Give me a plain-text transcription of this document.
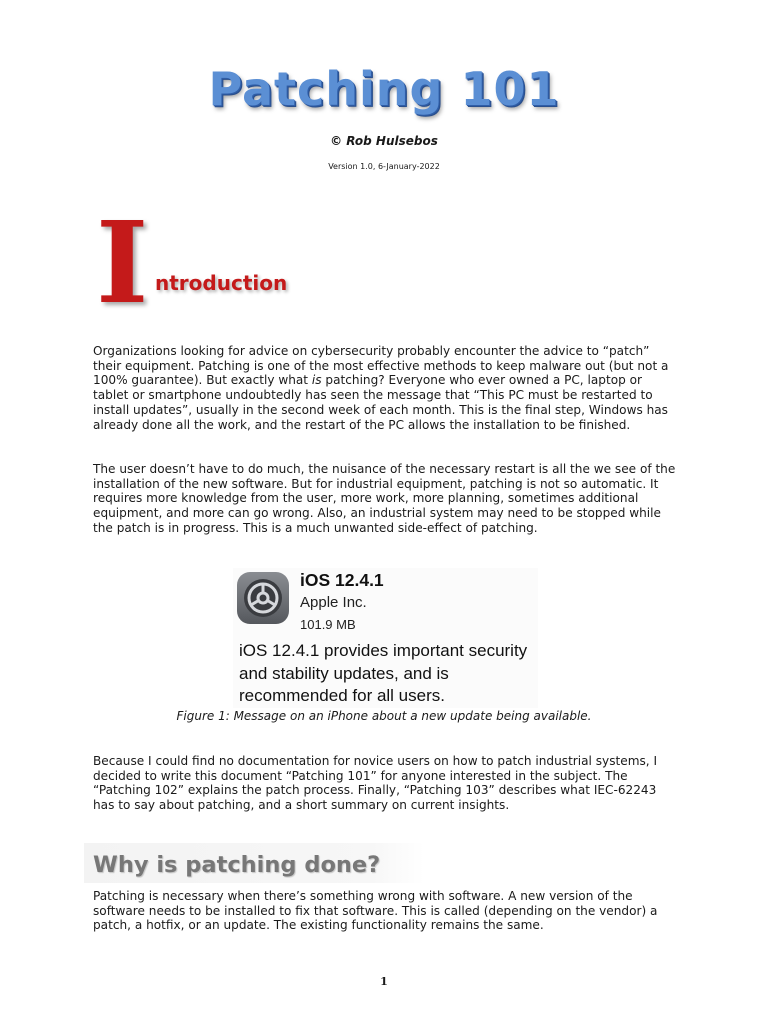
Patching 101
© Rob Hulsebos
Version 1.0, 6-January-2022
I ntroduction

Organizations looking for advice on cybersecurity probably encounter the advice to “patch” their equipment. Patching is one of the most effective methods to keep malware out (but not a 100% guarantee). But exactly what is patching? Everyone who ever owned a PC, laptop or tablet or smartphone undoubtedly has seen the message that “This PC must be restarted to install updates”, usually in the second week of each month. This is the final step, Windows has already done all the work, and the restart of the PC allows the installation to be finished.

The user doesn’t have to do much, the nuisance of the necessary restart is all the we see of the installation of the new software. But for industrial equipment, patching is not so automatic. It requires more knowledge from the user, more work, more planning, sometimes additional equipment, and more can go wrong. Also, an industrial system may need to be stopped while the patch is in progress. This is a much unwanted side-effect of patching.

iOS 12.4.1
Apple Inc.
101.9 MB
iOS 12.4.1 provides important security and stability updates, and is recommended for all users.
Figure 1: Message on an iPhone about a new update being available.

Because I could find no documentation for novice users on how to patch industrial systems, I decided to write this document “Patching 101” for anyone interested in the subject. The “Patching 102” explains the patch process. Finally, “Patching 103” describes what IEC-62243 has to say about patching, and a short summary on current insights.

Why is patching done?

Patching is necessary when there’s something wrong with software. A new version of the software needs to be installed to fix that software. This is called (depending on the vendor) a patch, a hotfix, or an update. The existing functionality remains the same.

1
